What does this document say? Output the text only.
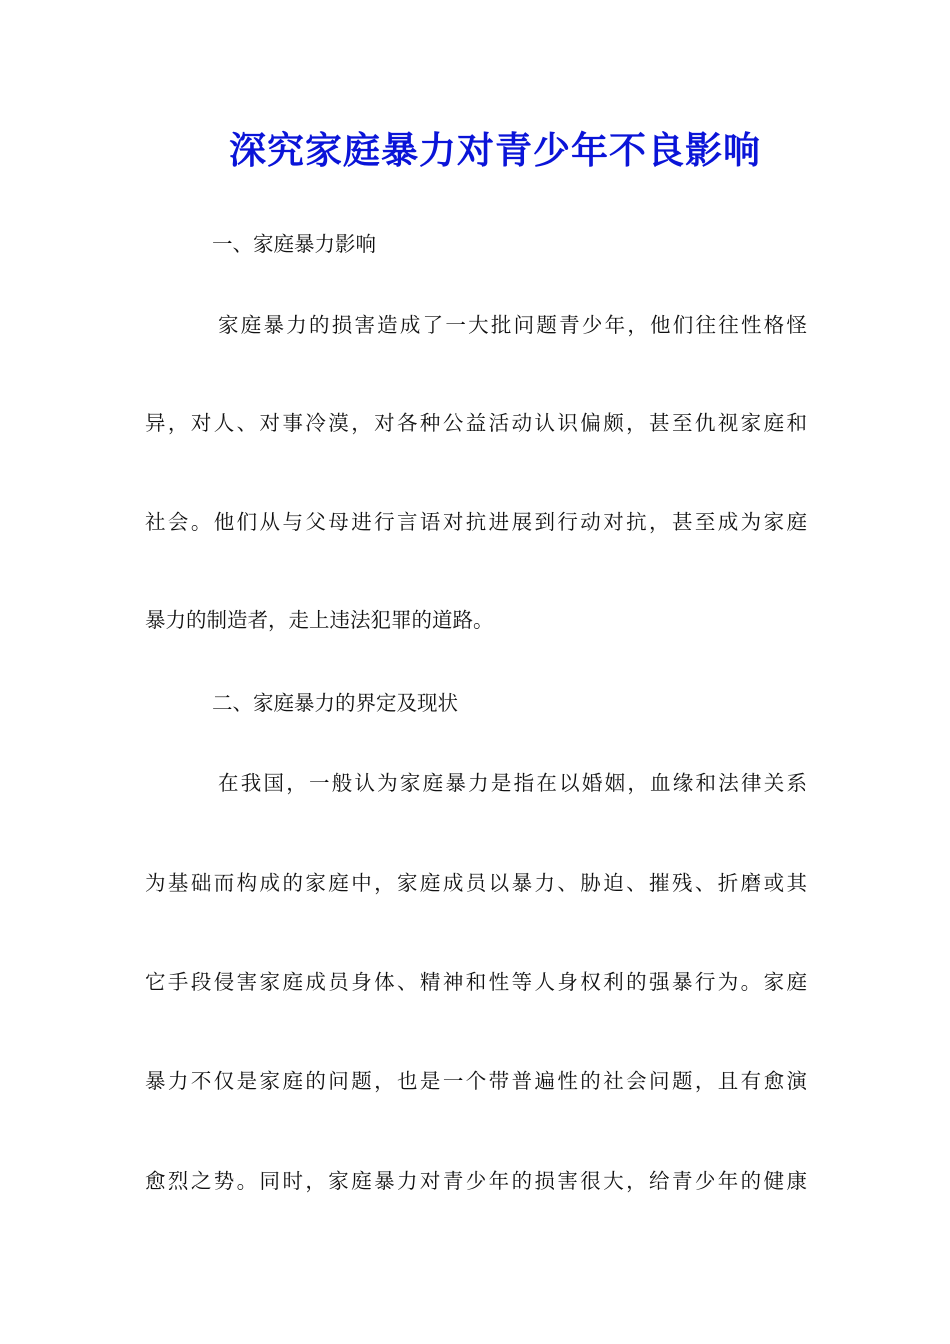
深究家庭暴力对青少年不良影响

一、家庭暴力影响

家庭暴力的损害造成了一大批问题青少年，他们往往性格怪

异，对人、对事冷漠，对各种公益活动认识偏颇，甚至仇视家庭和

社会。他们从与父母进行言语对抗进展到行动对抗，甚至成为家庭

暴力的制造者，走上违法犯罪的道路。

二、家庭暴力的界定及现状

在我国，一般认为家庭暴力是指在以婚姻，血缘和法律关系

为基础而构成的家庭中，家庭成员以暴力、胁迫、摧残、折磨或其

它手段侵害家庭成员身体、精神和性等人身权利的强暴行为。家庭

暴力不仅是家庭的问题，也是一个带普遍性的社会问题，且有愈演

愈烈之势。同时，家庭暴力对青少年的损害很大，给青少年的健康
